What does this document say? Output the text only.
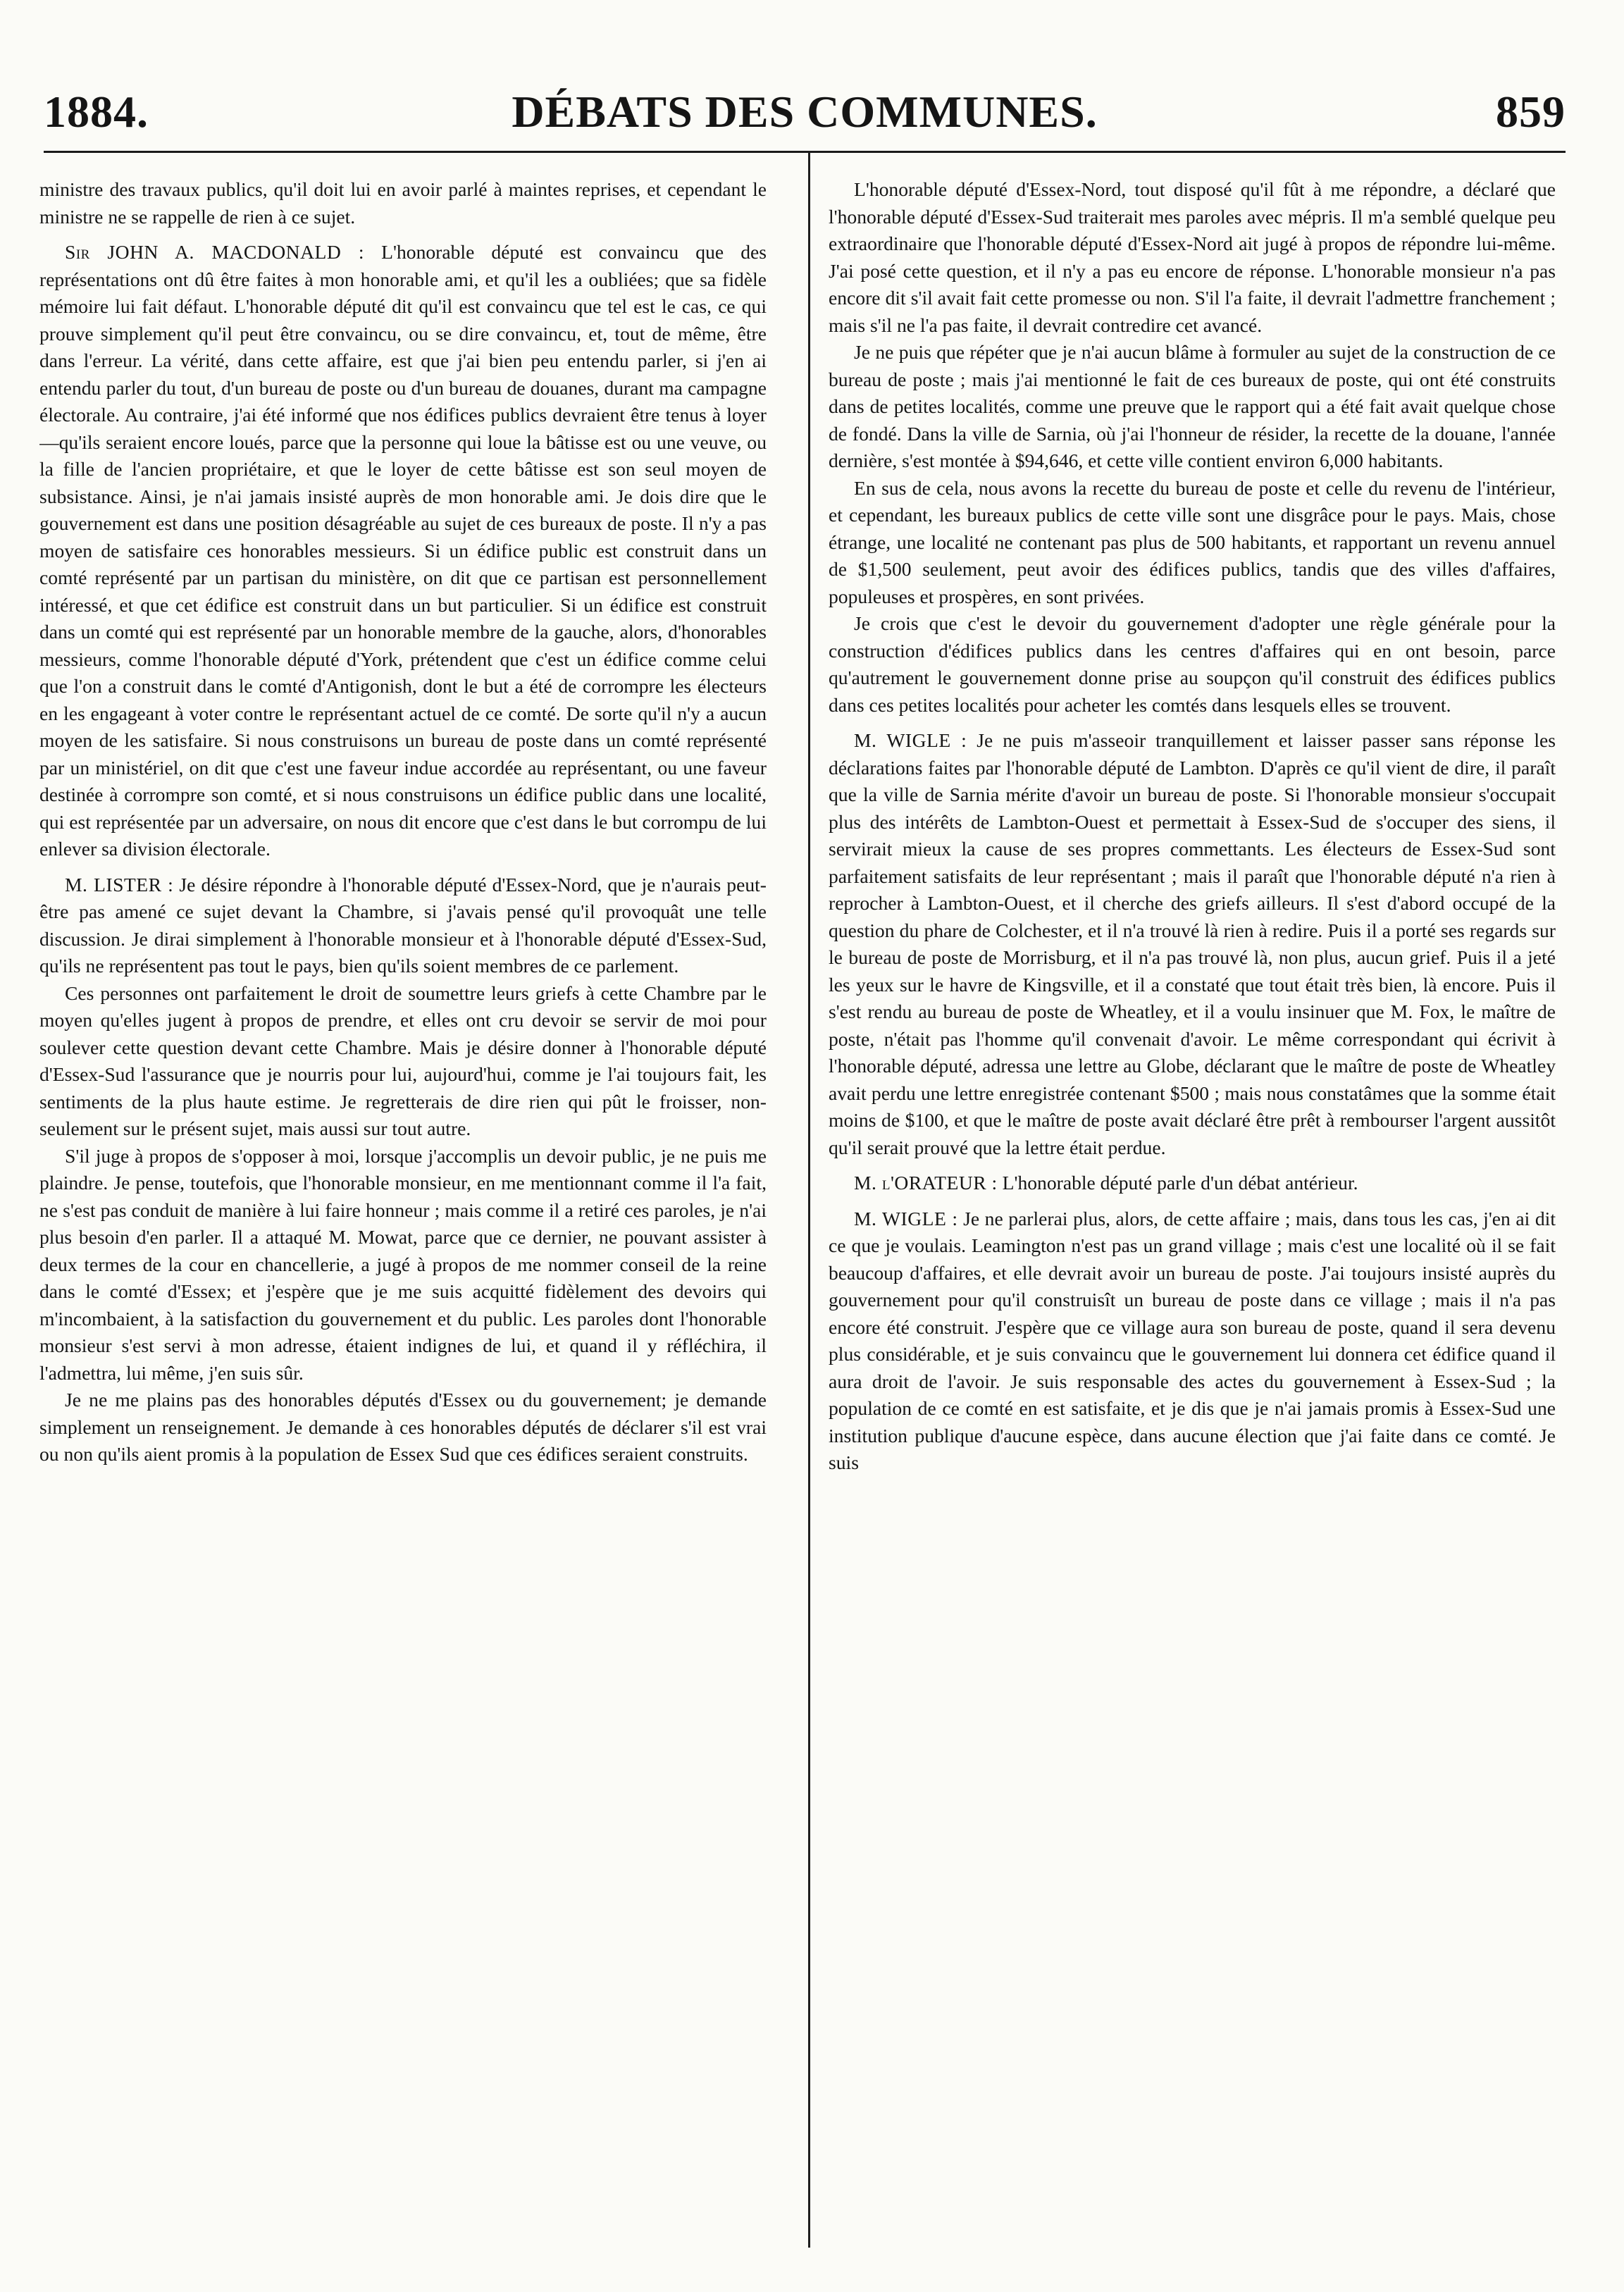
1884.	DÉBATS DES COMMUNES.	859

ministre des travaux publics, qu'il doit lui en avoir parlé à maintes reprises, et cependant le ministre ne se rappelle de rien à ce sujet.

Sir JOHN A. MACDONALD : L'honorable député est convaincu que des représentations ont dû être faites à mon honorable ami, et qu'il les a oubliées; que sa fidèle mémoire lui fait défaut. L'honorable député dit qu'il est convaincu que tel est le cas, ce qui prouve simplement qu'il peut être convaincu, ou se dire convaincu, et, tout de même, être dans l'erreur. La vérité, dans cette affaire, est que j'ai bien peu entendu parler, si j'en ai entendu parler du tout, d'un bureau de poste ou d'un bureau de douanes, durant ma campagne électorale. Au contraire, j'ai été informé que nos édifices publics devraient être tenus à loyer—qu'ils seraient encore loués, parce que la personne qui loue la bâtisse est ou une veuve, ou la fille de l'ancien propriétaire, et que le loyer de cette bâtisse est son seul moyen de subsistance. Ainsi, je n'ai jamais insisté auprès de mon honorable ami. Je dois dire que le gouvernement est dans une position désagréable au sujet de ces bureaux de poste. Il n'y a pas moyen de satisfaire ces honorables messieurs. Si un édifice public est construit dans un comté représenté par un partisan du ministère, on dit que ce partisan est personnellement intéressé, et que cet édifice est construit dans un but particulier. Si un édifice est construit dans un comté qui est représenté par un honorable membre de la gauche, alors, d'honorables messieurs, comme l'honorable député d'York, prétendent que c'est un édifice comme celui que l'on a construit dans le comté d'Antigonish, dont le but a été de corrompre les électeurs en les engageant à voter contre le représentant actuel de ce comté. De sorte qu'il n'y a aucun moyen de les satisfaire. Si nous construisons un bureau de poste dans un comté représenté par un ministériel, on dit que c'est une faveur indue accordée au représentant, ou une faveur destinée à corrompre son comté, et si nous construisons un édifice public dans une localité, qui est représentée par un adversaire, on nous dit encore que c'est dans le but corrompu de lui enlever sa division électorale.

M. LISTER : Je désire répondre à l'honorable député d'Essex-Nord, que je n'aurais peut-être pas amené ce sujet devant la Chambre, si j'avais pensé qu'il provoquât une telle discussion. Je dirai simplement à l'honorable monsieur et à l'honorable député d'Essex-Sud, qu'ils ne représentent pas tout le pays, bien qu'ils soient membres de ce parlement.

Ces personnes ont parfaitement le droit de soumettre leurs griefs à cette Chambre par le moyen qu'elles jugent à propos de prendre, et elles ont cru devoir se servir de moi pour soulever cette question devant cette Chambre. Mais je désire donner à l'honorable député d'Essex-Sud l'assurance que je nourris pour lui, aujourd'hui, comme je l'ai toujours fait, les sentiments de la plus haute estime. Je regretterais de dire rien qui pût le froisser, non-seulement sur le présent sujet, mais aussi sur tout autre.

S'il juge à propos de s'opposer à moi, lorsque j'accomplis un devoir public, je ne puis me plaindre. Je pense, toutefois, que l'honorable monsieur, en me mentionnant comme il l'a fait, ne s'est pas conduit de manière à lui faire honneur ; mais comme il a retiré ces paroles, je n'ai plus besoin d'en parler. Il a attaqué M. Mowat, parce que ce dernier, ne pouvant assister à deux termes de la cour en chancellerie, a jugé à propos de me nommer conseil de la reine dans le comté d'Essex; et j'espère que je me suis acquitté fidèlement des devoirs qui m'incombaient, à la satisfaction du gouvernement et du public. Les paroles dont l'honorable monsieur s'est servi à mon adresse, étaient indignes de lui, et quand il y réfléchira, il l'admettra, lui même, j'en suis sûr.

Je ne me plains pas des honorables députés d'Essex ou du gouvernement; je demande simplement un renseignement. Je demande à ces honorables députés de déclarer s'il est vrai ou non qu'ils aient promis à la population de Essex Sud que ces édifices seraient construits.

L'honorable député d'Essex-Nord, tout disposé qu'il fût à me répondre, a déclaré que l'honorable député d'Essex-Sud traiterait mes paroles avec mépris. Il m'a semblé quelque peu extraordinaire que l'honorable député d'Essex-Nord ait jugé à propos de répondre lui-même. J'ai posé cette question, et il n'y a pas eu encore de réponse. L'honorable monsieur n'a pas encore dit s'il avait fait cette promesse ou non. S'il l'a faite, il devrait l'admettre franchement ; mais s'il ne l'a pas faite, il devrait contredire cet avancé.

Je ne puis que répéter que je n'ai aucun blâme à formuler au sujet de la construction de ce bureau de poste ; mais j'ai mentionné le fait de ces bureaux de poste, qui ont été construits dans de petites localités, comme une preuve que le rapport qui a été fait avait quelque chose de fondé. Dans la ville de Sarnia, où j'ai l'honneur de résider, la recette de la douane, l'année dernière, s'est montée à $94,646, et cette ville contient environ 6,000 habitants.

En sus de cela, nous avons la recette du bureau de poste et celle du revenu de l'intérieur, et cependant, les bureaux publics de cette ville sont une disgrâce pour le pays. Mais, chose étrange, une localité ne contenant pas plus de 500 habitants, et rapportant un revenu annuel de $1,500 seulement, peut avoir des édifices publics, tandis que des villes d'affaires, populeuses et prospères, en sont privées.

Je crois que c'est le devoir du gouvernement d'adopter une règle générale pour la construction d'édifices publics dans les centres d'affaires qui en ont besoin, parce qu'autrement le gouvernement donne prise au soupçon qu'il construit des édifices publics dans ces petites localités pour acheter les comtés dans lesquels elles se trouvent.

M. WIGLE : Je ne puis m'asseoir tranquillement et laisser passer sans réponse les déclarations faites par l'honorable député de Lambton. D'après ce qu'il vient de dire, il paraît que la ville de Sarnia mérite d'avoir un bureau de poste. Si l'honorable monsieur s'occupait plus des intérêts de Lambton-Ouest et permettait à Essex-Sud de s'occuper des siens, il servirait mieux la cause de ses propres commettants. Les électeurs de Essex-Sud sont parfaitement satisfaits de leur représentant ; mais il paraît que l'honorable député n'a rien à reprocher à Lambton-Ouest, et il cherche des griefs ailleurs. Il s'est d'abord occupé de la question du phare de Colchester, et il n'a trouvé là rien à redire. Puis il a porté ses regards sur le bureau de poste de Morrisburg, et il n'a pas trouvé là, non plus, aucun grief. Puis il a jeté les yeux sur le havre de Kingsville, et il a constaté que tout était très bien, là encore. Puis il s'est rendu au bureau de poste de Wheatley, et il a voulu insinuer que M. Fox, le maître de poste, n'était pas l'homme qu'il convenait d'avoir. Le même correspondant qui écrivit à l'honorable député, adressa une lettre au Globe, déclarant que le maître de poste de Wheatley avait perdu une lettre enregistrée contenant $500 ; mais nous constatâmes que la somme était moins de $100, et que le maître de poste avait déclaré être prêt à rembourser l'argent aussitôt qu'il serait prouvé que la lettre était perdue.

M. l'ORATEUR : L'honorable député parle d'un débat antérieur.

M. WIGLE : Je ne parlerai plus, alors, de cette affaire ; mais, dans tous les cas, j'en ai dit ce que je voulais. Leamington n'est pas un grand village ; mais c'est une localité où il se fait beaucoup d'affaires, et elle devrait avoir un bureau de poste. J'ai toujours insisté auprès du gouvernement pour qu'il construisît un bureau de poste dans ce village ; mais il n'a pas encore été construit. J'espère que ce village aura son bureau de poste, quand il sera devenu plus considérable, et je suis convaincu que le gouvernement lui donnera cet édifice quand il aura droit de l'avoir. Je suis responsable des actes du gouvernement à Essex-Sud ; la population de ce comté en est satisfaite, et je dis que je n'ai jamais promis à Essex-Sud une institution publique d'aucune espèce, dans aucune élection que j'ai faite dans ce comté. Je suis
